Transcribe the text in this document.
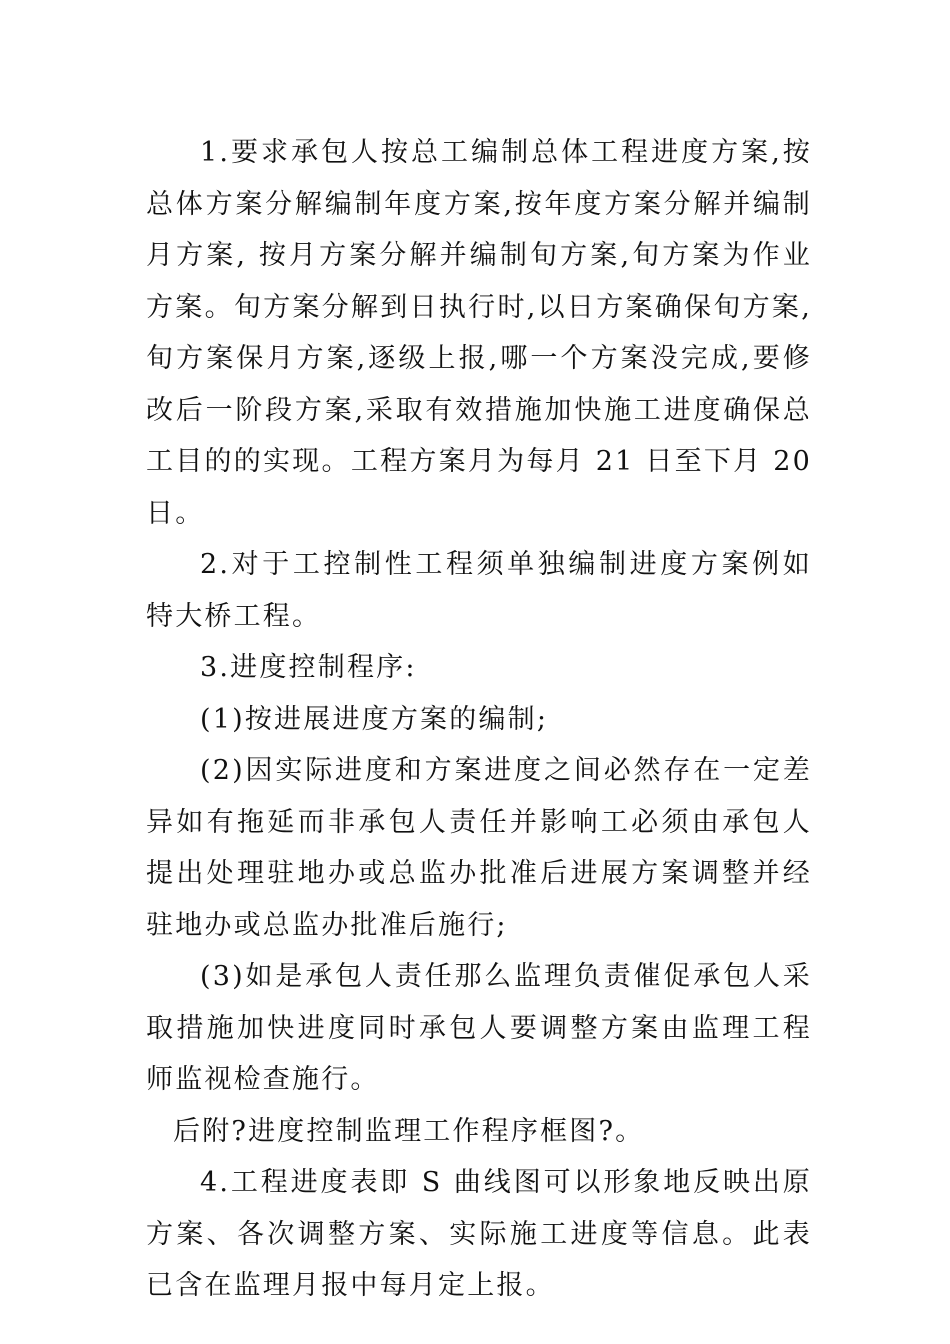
1.要求承包人按总工编制总体工程进度方案,按总体方案分解编制年度方案,按年度方案分解并编制月方案, 按月方案分解并编制旬方案,旬方案为作业方案。旬方案分解到日执行时,以日方案确保旬方案,旬方案保月方案,逐级上报,哪一个方案没完成,要修改后一阶段方案,采取有效措施加快施工进度确保总工目的的实现。工程方案月为每月 21 日至下月 20 日。

2.对于工控制性工程须单独编制进度方案例如特大桥工程。

3.进度控制程序:

(1)按进展进度方案的编制;

(2)因实际进度和方案进度之间必然存在一定差异如有拖延而非承包人责任并影响工必须由承包人提出处理驻地办或总监办批准后进展方案调整并经驻地办或总监办批准后施行;

(3)如是承包人责任那么监理负责催促承包人采取措施加快进度同时承包人要调整方案由监理工程师监视检查施行。

后附?进度控制监理工作程序框图?。

4.工程进度表即 S 曲线图可以形象地反映出原方案、各次调整方案、实际施工进度等信息。此表已含在监理月报中每月定上报。
